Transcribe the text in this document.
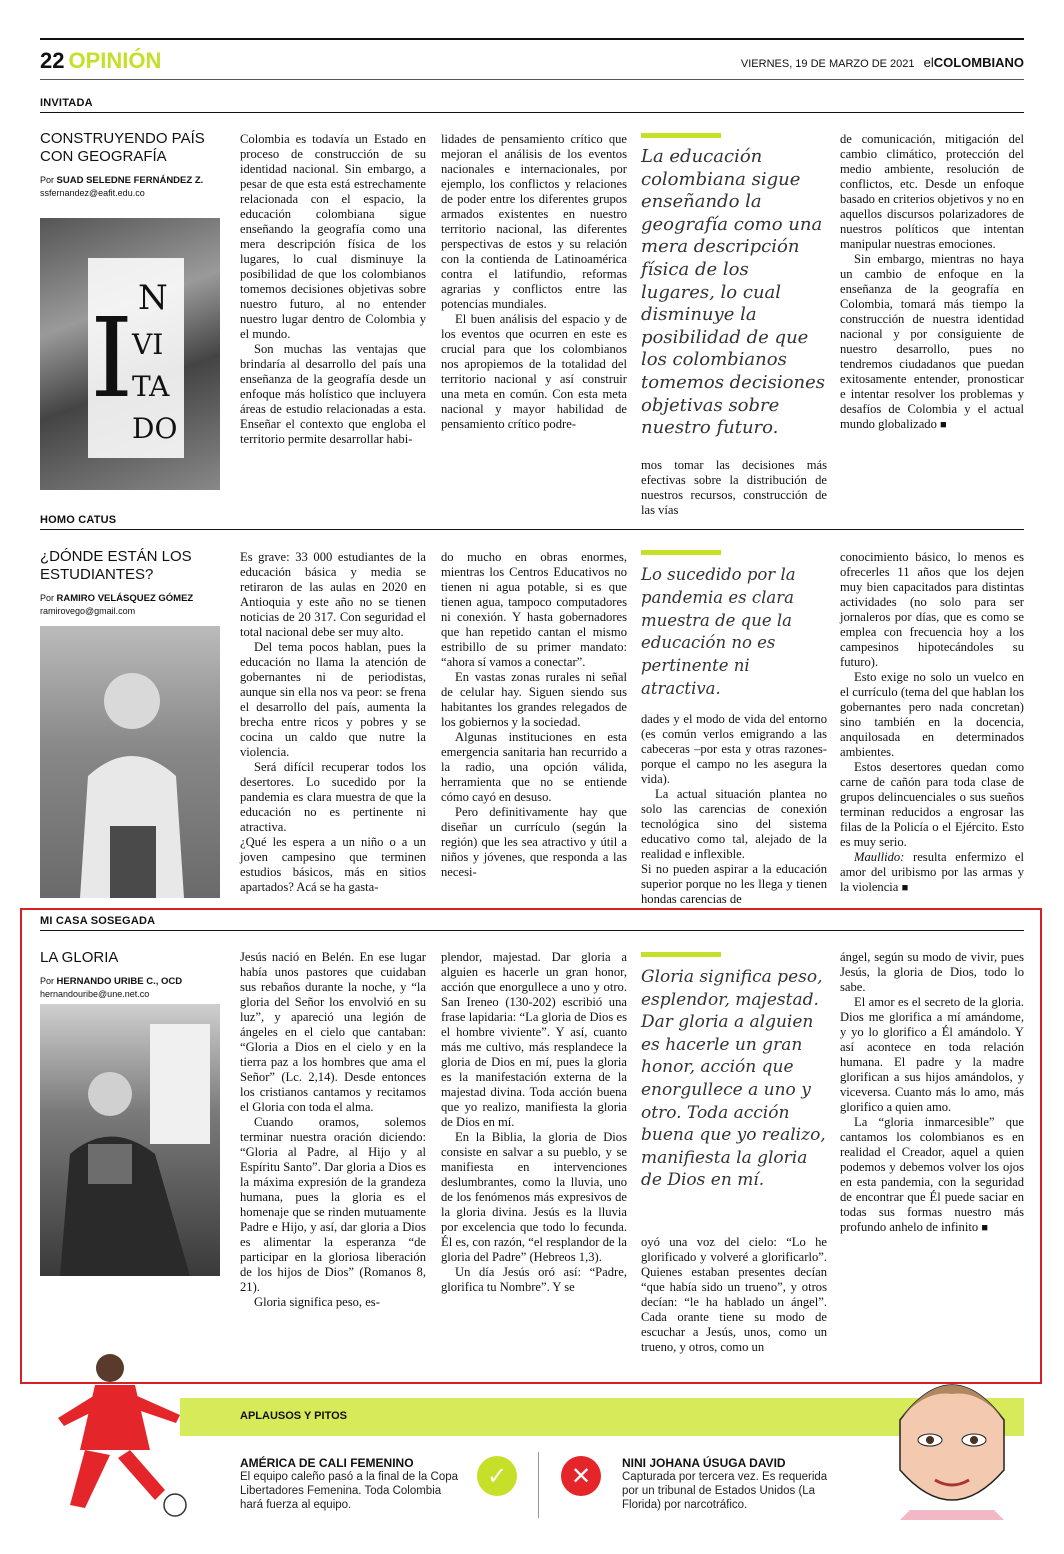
22 OPINIÓN	VIERNES, 19 DE MARZO DE 2021 elCOLOMBIANO
INVITADA
CONSTRUYENDO PAÍS CON GEOGRAFÍA
Por SUAD SELEDNE FERNÁNDEZ Z.
ssfernandez@eafit.edu.co
I N
VI
TA
DO

Colombia es todavía un Estado en proceso de construcción de su identidad nacional. Sin embargo, a pesar de que esta está estrechamente relacionada con el espacio, la educación colombiana sigue enseñando la geografía como una mera descripción física de los lugares, lo cual disminuye la posibilidad de que los colombianos tomemos decisiones objetivas sobre nuestro futuro, al no entender nuestro lugar dentro de Colombia y el mundo.

Son muchas las ventajas que brindaría al desarrollo del país una enseñanza de la geografía desde un enfoque más holístico que incluyera áreas de estudio relacionadas a esta. Enseñar el contexto que engloba el territorio permite desarrollar habi-

lidades de pensamiento crítico que mejoran el análisis de los eventos nacionales e internacionales, por ejemplo, los conflictos y relaciones de poder entre los diferentes grupos armados existentes en nuestro territorio nacional, las diferentes perspectivas de estos y su relación con la contienda de Latinoamérica contra el latifundio, reformas agrarias y conflictos entre las potencias mundiales.

El buen análisis del espacio y de los eventos que ocurren en este es crucial para que los colombianos nos apropiemos de la totalidad del territorio nacional y así construir una meta en común. Con esta meta nacional y mayor habilidad de pensamiento crítico podre-

La educación colombiana sigue enseñando la geografía como una mera descripción física de los lugares, lo cual disminuye la posibilidad de que los colombianos tomemos decisiones objetivas sobre nuestro futuro.

mos tomar las decisiones más efectivas sobre la distribución de nuestros recursos, construcción de las vías

de comunicación, mitigación del cambio climático, protección del medio ambiente, resolución de conflictos, etc. Desde un enfoque basado en criterios objetivos y no en aquellos discursos polarizadores de nuestros políticos que intentan manipular nuestras emociones.

Sin embargo, mientras no haya un cambio de enfoque en la enseñanza de la geografía en Colombia, tomará más tiempo la construcción de nuestra identidad nacional y por consiguiente de nuestro desarrollo, pues no tendremos ciudadanos que puedan exitosamente entender, pronosticar e intentar resolver los problemas y desafíos de Colombia y el actual mundo globalizado ■

HOMO CATUS
¿DÓNDE ESTÁN LOS ESTUDIANTES?
Por RAMIRO VELÁSQUEZ GÓMEZ
ramirovego@gmail.com

Es grave: 33 000 estudiantes de la educación básica y media se retiraron de las aulas en 2020 en Antioquia y este año no se tienen noticias de 20 317. Con seguridad el total nacional debe ser muy alto.

Del tema pocos hablan, pues la educación no llama la atención de gobernantes ni de periodistas, aunque sin ella nos va peor: se frena el desarrollo del país, aumenta la brecha entre ricos y pobres y se cocina un caldo que nutre la violencia.

Será difícil recuperar todos los desertores. Lo sucedido por la pandemia es clara muestra de que la educación no es pertinente ni atractiva.

¿Qué les espera a un niño o a un joven campesino que terminen estudios básicos, más en sitios apartados? Acá se ha gasta-

do mucho en obras enormes, mientras los Centros Educativos no tienen ni agua potable, si es que tienen agua, tampoco computadores ni conexión. Y hasta gobernadores que han repetido cantan el mismo estribillo de su primer mandato: “ahora sí vamos a conectar”.

En vastas zonas rurales ni señal de celular hay. Siguen siendo sus habitantes los grandes relegados de los gobiernos y la sociedad.

Algunas instituciones en esta emergencia sanitaria han recurrido a la radio, una opción válida, herramienta que no se entiende cómo cayó en desuso.

Pero definitivamente hay que diseñar un currículo (según la región) que les sea atractivo y útil a niños y jóvenes, que responda a las necesi-

Lo sucedido por la pandemia es clara muestra de que la educación no es pertinente ni atractiva.

dades y el modo de vida del entorno (es común verlos emigrando a las cabeceras –por esta y otras razones- porque el campo no les asegura la vida).

La actual situación plantea no solo las carencias de conexión tecnológica sino del sistema educativo como tal, alejado de la realidad e inflexible.

Si no pueden aspirar a la educación superior porque no les llega y tienen hondas carencias de

conocimiento básico, lo menos es ofrecerles 11 años que los dejen muy bien capacitados para distintas actividades (no solo para ser jornaleros por días, que es como se emplea con frecuencia hoy a los campesinos hipotecándoles su futuro).

Esto exige no solo un vuelco en el currículo (tema del que hablan los gobernantes pero nada concretan) sino también en la docencia, anquilosada en determinados ambientes.

Estos desertores quedan como carne de cañón para toda clase de grupos delincuenciales o sus sueños terminan reducidos a engrosar las filas de la Policía o el Ejército. Esto es muy serio.

Maullido: resulta enfermizo el amor del uribismo por las armas y la violencia ■

MI CASA SOSEGADA
LA GLORIA
Por HERNANDO URIBE C., OCD
hernandouribe@une.net.co

Jesús nació en Belén. En ese lugar había unos pastores que cuidaban sus rebaños durante la noche, y “la gloria del Señor los envolvió en su luz”, y apareció una legión de ángeles en el cielo que cantaban: “Gloria a Dios en el cielo y en la tierra paz a los hombres que ama el Señor” (Lc. 2,14). Desde entonces los cristianos cantamos y recitamos el Gloria con toda el alma.

Cuando oramos, solemos terminar nuestra oración diciendo: “Gloria al Padre, al Hijo y al Espíritu Santo”. Dar gloria a Dios es la máxima expresión de la grandeza humana, pues la gloria es el homenaje que se rinden mutuamente Padre e Hijo, y así, dar gloria a Dios es alimentar la esperanza “de participar en la gloriosa liberación de los hijos de Dios” (Romanos 8, 21).

Gloria significa peso, es-

plendor, majestad. Dar gloria a alguien es hacerle un gran honor, acción que enorgullece a uno y otro. San Ireneo (130-202) escribió una frase lapidaria: “La gloria de Dios es el hombre viviente”. Y así, cuanto más me cultivo, más resplandece la gloria de Dios en mí, pues la gloria es la manifestación externa de la majestad divina. Toda acción buena que yo realizo, manifiesta la gloria de Dios en mí.

En la Biblia, la gloria de Dios consiste en salvar a su pueblo, y se manifiesta en intervenciones deslumbrantes, como la lluvia, uno de los fenómenos más expresivos de la gloria divina. Jesús es la lluvia por excelencia que todo lo fecunda. Él es, con razón, “el resplandor de la gloria del Padre” (Hebreos 1,3).

Un día Jesús oró así: “Padre, glorifica tu Nombre”. Y se

Gloria significa peso, esplendor, majestad. Dar gloria a alguien es hacerle un gran honor, acción que enorgullece a uno y otro. Toda acción buena que yo realizo, manifiesta la gloria de Dios en mí.

oyó una voz del cielo: “Lo he glorificado y volveré a glorificarlo”. Quienes estaban presentes decían “que había sido un trueno”, y otros decían: “le ha hablado un ángel”. Cada orante tiene su modo de escuchar a Jesús, unos, como un trueno, y otros, como un

ángel, según su modo de vivir, pues Jesús, la gloria de Dios, todo lo sabe.

El amor es el secreto de la gloria. Dios me glorifica a mí amándome, y yo lo glorifico a Él amándolo. Y así acontece en toda relación humana. El padre y la madre glorifican a sus hijos amándolos, y viceversa. Cuanto más lo amo, más glorifico a quien amo.

La “gloria inmarcesible” que cantamos los colombianos es en realidad el Creador, aquel a quien podemos y debemos volver los ojos en esta pandemia, con la seguridad de encontrar que Él puede saciar en todas sus formas nuestro más profundo anhelo de infinito ■

APLAUSOS Y PITOS
AMÉRICA DE CALI FEMENINO
El equipo caleño pasó a la final de la Copa Libertadores Femenina. Toda Colombia hará fuerza al equipo.
✓	✕	NINI JOHANA ÚSUGA DAVID
Capturada por tercera vez. Es requerida por un tribunal de Estados Unidos (La Florida) por narcotráfico.
